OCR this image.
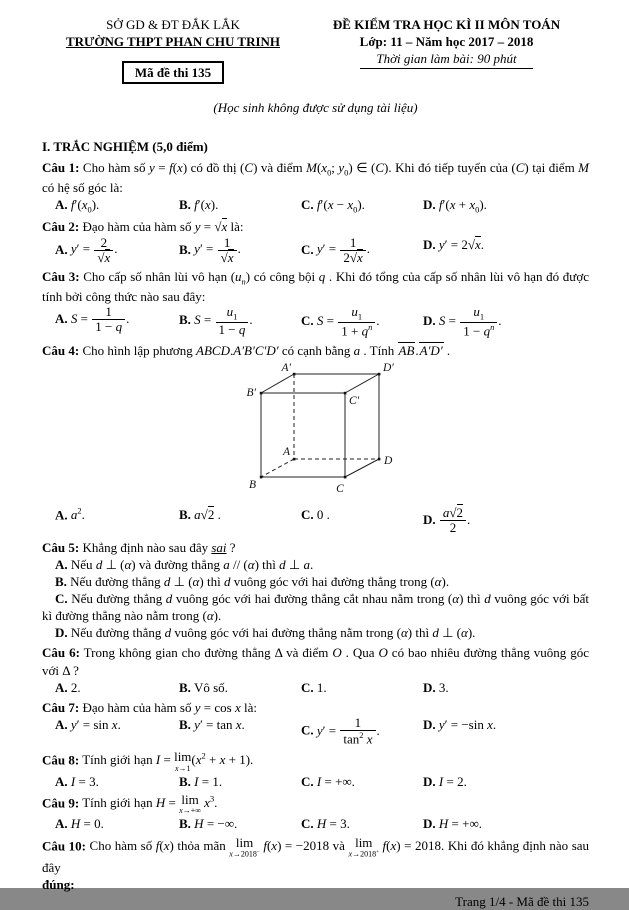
SỞ GD & ĐT ĐẮK LẮK
TRƯỜNG THPT PHAN CHU TRINH
Mã đề thi 135
ĐỀ KIỂM TRA HỌC KÌ II MÔN TOÁN
Lớp: 11 – Năm học 2017 – 2018
Thời gian làm bài: 90 phút
(Học sinh không được sử dụng tài liệu)
I. TRẮC NGHIỆM (5,0 điểm)

Câu 1: Cho hàm số y = f(x) có đồ thị (C) và điểm $M(x_0$; $y_0$) ∈ (C). Khi đó tiếp tuyến của (C) tại điểm M có hệ số góc là:

A. $f'(x_0)$.	B. f′(x).	C. $f'(x - x_0)$.	D. $f'(x + x_0)$.

Câu 2: Đạo hàm của hàm số y = √x là:

A. $y' = \frac{2}{√x}$ .	B. $y' = \frac{1}{√x}$ .	C. $y' = \frac{1}{2√x}$ .	D. y′ = 2√x.

Câu 3: Cho cấp số nhân lùi vô hạn $(u_n)$ có công bội q . Khi đó tổng của cấp số nhân lùi vô hạn đó được tính bởi công thức nào sau đây:

A. $S = \frac{1}{1 - q}$ .	B. $S = \frac{u_1}{1 - q}$ .	C. $S = \frac{u_1}{1 + q^n}$ .	D. $S = \frac{u_1}{1 - q^n}$ .

Câu 4: Cho hình lập phương ABCD.A′B′C′D′ có cạnh bằng a . Tính AB.A′D′ .

A′	D′
B′
C′
A
D
B	C
A. $a^2$.	B. a√2 .	C. 0 .	D. $\frac{a√2}{2}$ .

Câu 5: Khẳng định nào sau đây sai ?

A. Nếu d ⊥ (α) và đường thẳng a // (α) thì d ⊥ a.
B. Nếu đường thẳng d ⊥ (α) thì d vuông góc với hai đường thẳng trong (α).
C. Nếu đường thẳng d vuông góc với hai đường thẳng cắt nhau nằm trong (α) thì d vuông góc với bất kì đường thẳng nào nằm trong (α).
D. Nếu đường thẳng d vuông góc với hai đường thẳng nằm trong (α) thì d ⊥ (α).

Câu 6: Trong không gian cho đường thẳng Δ và điểm O . Qua O có bao nhiêu đường thẳng vuông góc với Δ ?

A. 2.	B. Vô số.	C. 1.	D. 3.

Câu 7: Đạo hàm của hàm số y = cos x là:

A. y′ = sin x.	B. y′ = tan x.	C. $y' = \frac{1}{\tan^2 x}$ .	D. y′ = −sin x.

Câu 8: Tính giới hạn I = lim
x→1
$(x^2 + x + 1)$.

A. I = 3.	B. I = 1.	C. I = +∞.	D. I = 2.

Câu 9: Tính giới hạn H = lim
x→+∞
$x^3$.

A. H = 0.	B. H = −∞.	C. H = 3.	D. H = +∞.

Câu 10: Cho hàm số f(x) thỏa mãn lim
x→2018− f(x) = −2018 và lim
x→2018+ f(x) = 2018. Khi đó khẳng định nào sau đây

đúng:
Trang 1/4 - Mã đề thi 135
